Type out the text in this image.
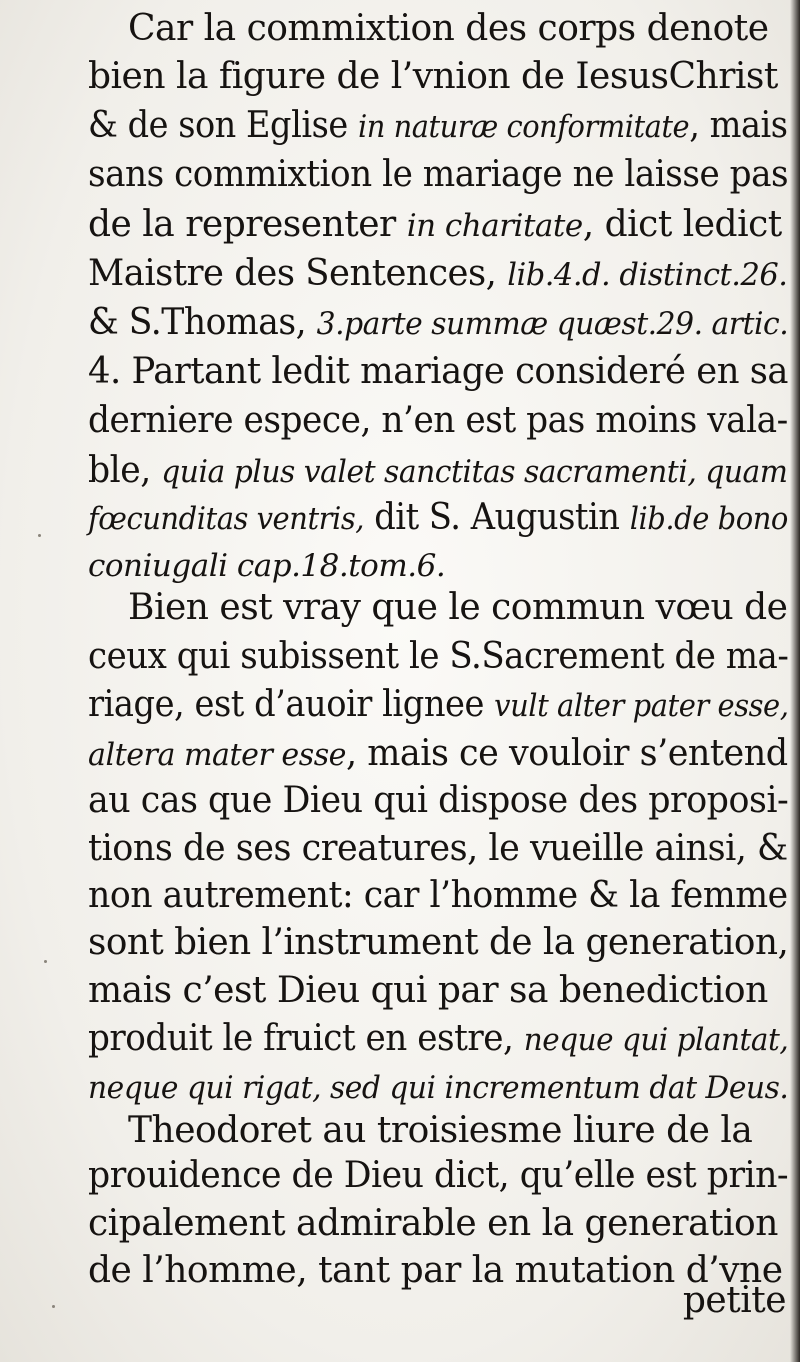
Car la commixtion des corps denote
bien la figure de l’vnion de IesusChrist
& de son Eglise in naturæ conformitate, mais
sans commixtion le mariage ne laisse pas
de la representer in charitate, dict ledict
Maistre des Sentences, lib.4.d. distinct.26.
& S.Thomas, 3.parte summæ quæst.29. artic.
4. Partant ledit mariage consideré en sa
derniere espece, n’en est pas moins vala-
ble, quia plus valet sanctitas sacramenti, quam
fœcunditas ventris, dit S. Augustin lib.de bono
coniugali cap.18.tom.6.
Bien est vray que le commun vœu de
ceux qui subissent le S.Sacrement de ma-
riage, est d’auoir lignee vult alter pater esse,
altera mater esse, mais ce vouloir s’entend
au cas que Dieu qui dispose des proposi-
tions de ses creatures, le vueille ainsi, &
non autrement: car l’homme & la femme
sont bien l’instrument de la generation,
mais c’est Dieu qui par sa benediction
produit le fruict en estre, neque qui plantat,
neque qui rigat, sed qui incrementum dat Deus.
Theodoret au troisiesme liure de la
prouidence de Dieu dict, qu’elle est prin-
cipalement admirable en la generation
de l’homme, tant par la mutation d’vne
petite
